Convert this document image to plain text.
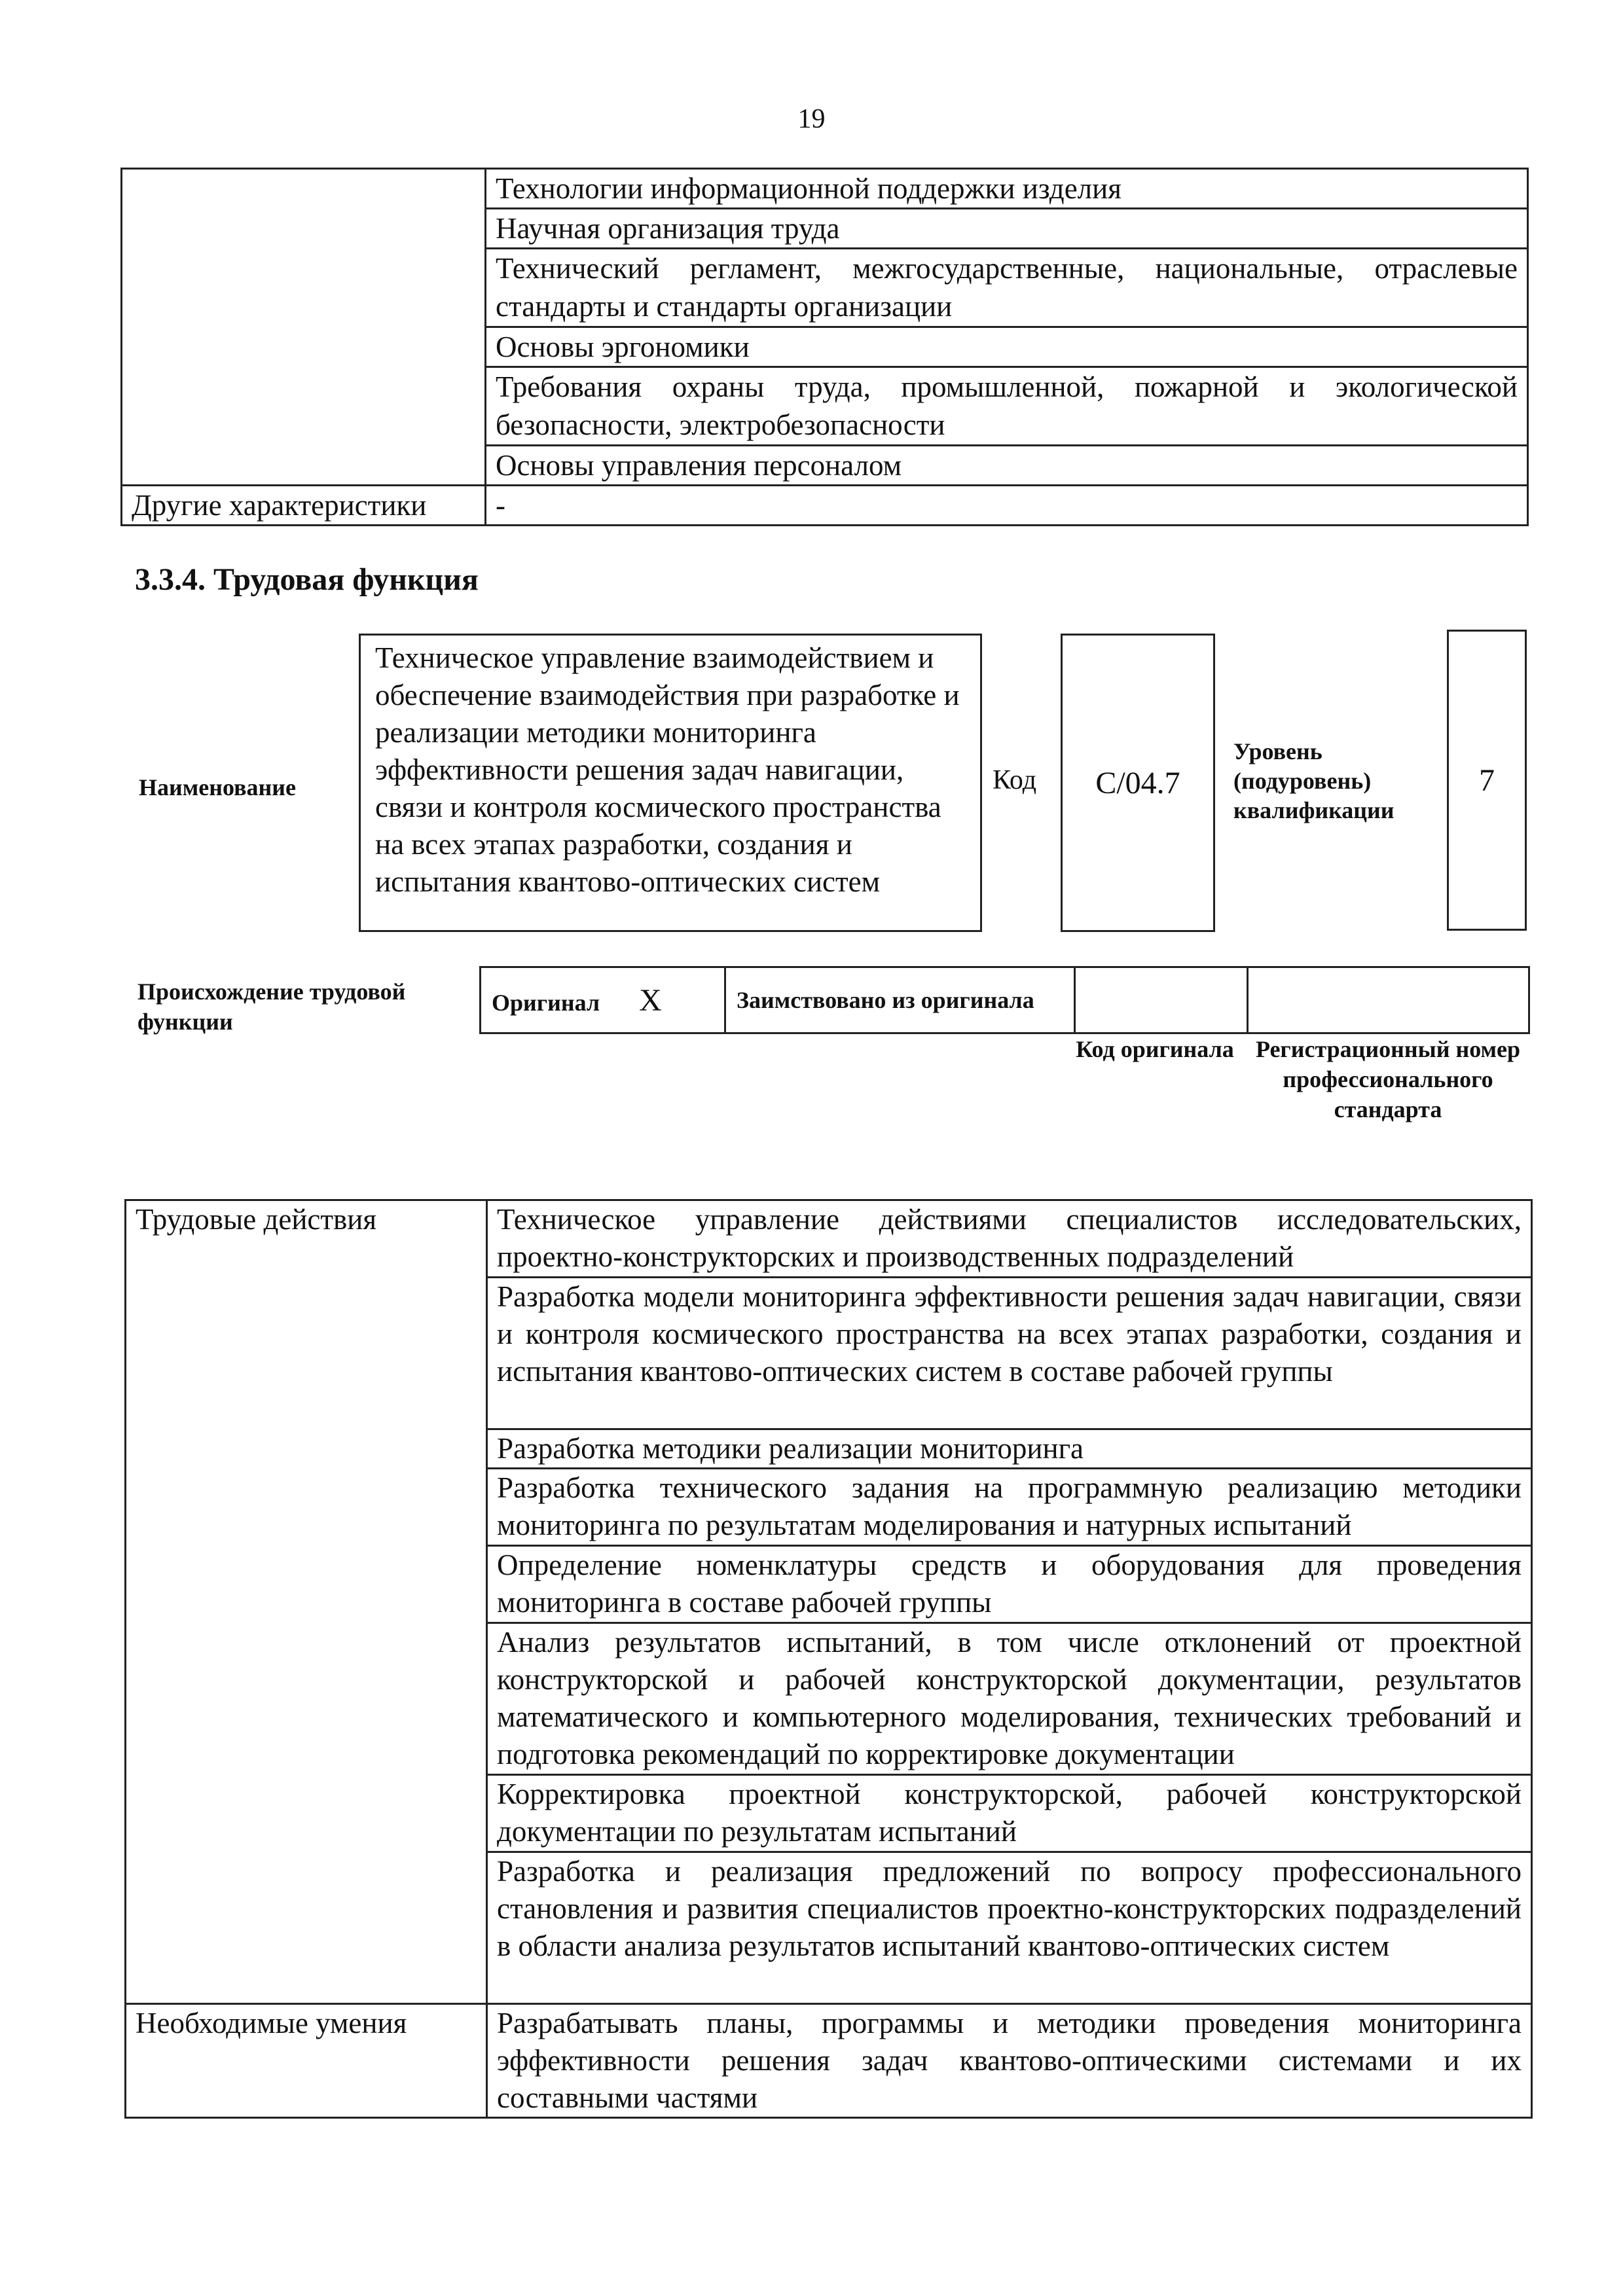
19
	Технологии информационной поддержки изделия
	Научная организация труда
	Технический регламент, межгосударственные, национальные, отраслевые стандарты и стандарты организации
	Основы эргономики
	Требования охраны труда, промышленной, пожарной и экологической безопасности, электробезопасности
	Основы управления персоналом
Другие характеристики	-
3.3.4. Трудовая функция
Наименование
Техническое управление взаимодействием и обеспечение взаимодействия при разработке и реализации методики мониторинга эффективности решения задач навигации, связи и контроля космического пространства на всех этапах разработки, создания и испытания квантово-оптических систем
Код	C/04.7
Уровень (подуровень) квалификации
7
Происхождение трудовой функции
Оригинал X	Заимствовано из оригинала		
Код оригинала Регистрационный номер профессионального стандарта
Трудовые действия	Техническое управление действиями специалистов исследовательских, проектно-конструкторских и производственных подразделений
	Разработка модели мониторинга эффективности решения задач навигации, связи и контроля космического пространства на всех этапах разработки, создания и испытания квантово-оптических систем в составе рабочей группы
	Разработка методики реализации мониторинга
	Разработка технического задания на программную реализацию методики мониторинга по результатам моделирования и натурных испытаний
	Определение номенклатуры средств и оборудования для проведения мониторинга в составе рабочей группы
	Анализ результатов испытаний, в том числе отклонений от проектной конструкторской и рабочей конструкторской документации, результатов математического и компьютерного моделирования, технических требований и подготовка рекомендаций по корректировке документации
	Корректировка проектной конструкторской, рабочей конструкторской документации по результатам испытаний
	Разработка и реализация предложений по вопросу профессионального становления и развития специалистов проектно-конструкторских подразделений в области анализа результатов испытаний квантово-оптических систем
Необходимые умения	Разрабатывать планы, программы и методики проведения мониторинга эффективности решения задач квантово-оптическими системами и их составными частями
